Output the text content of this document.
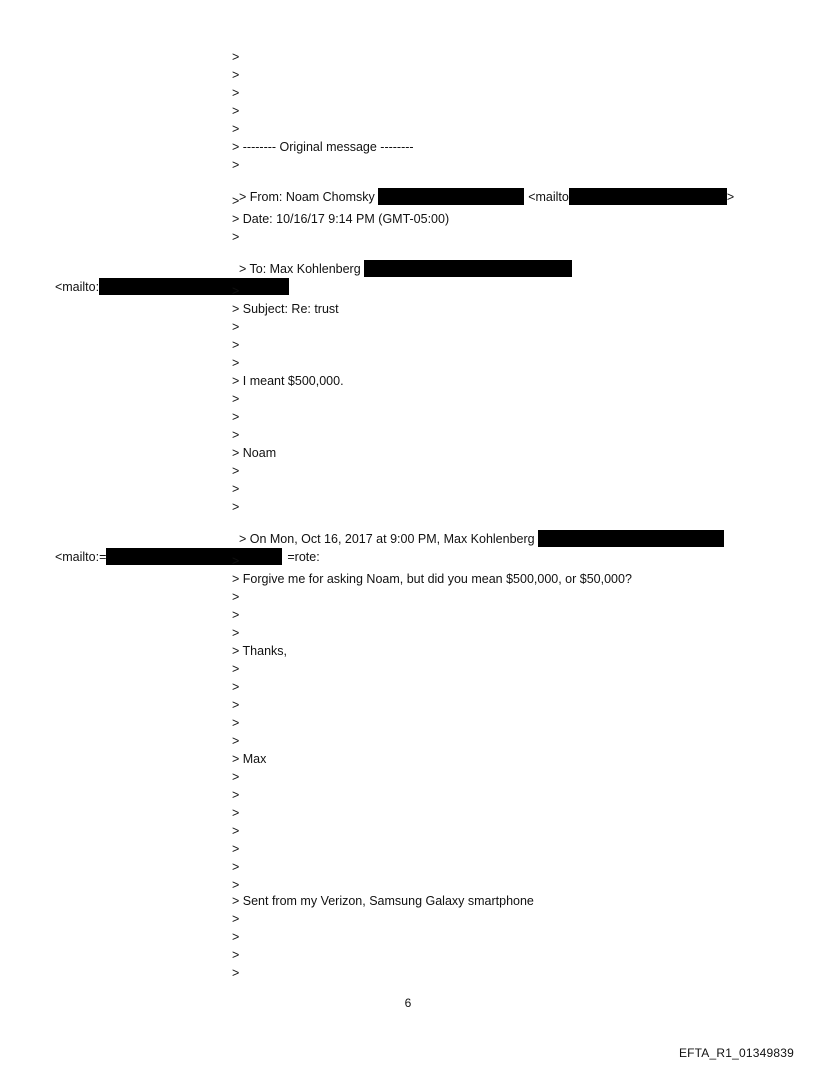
>
>
>
>
>
> -------- Original message --------
>

> From: Noam Chomsky	<mailto	>

>
> Date: 10/16/17 9:14 PM (GMT-05:00)
>

> To: Max Kohlenberg

<mailto:	>
> Subject: Re: trust
>
>
>
> I meant $500,000.
>
>
>
> Noam
>
>
>

> On Mon, Oct 16, 2017 at 9:00 PM, Max Kohlenberg

<mailto:=	=rote:

>
> Forgive me for asking Noam, but did you mean $500,000, or $50,000?
>
>
>
> Thanks,
>
>
>
>
>
> Max
>
>
>
>
>
>
>
> Sent from my Verizon, Samsung Galaxy smartphone
>
>
>
>
6
EFTA_R1_01349839
